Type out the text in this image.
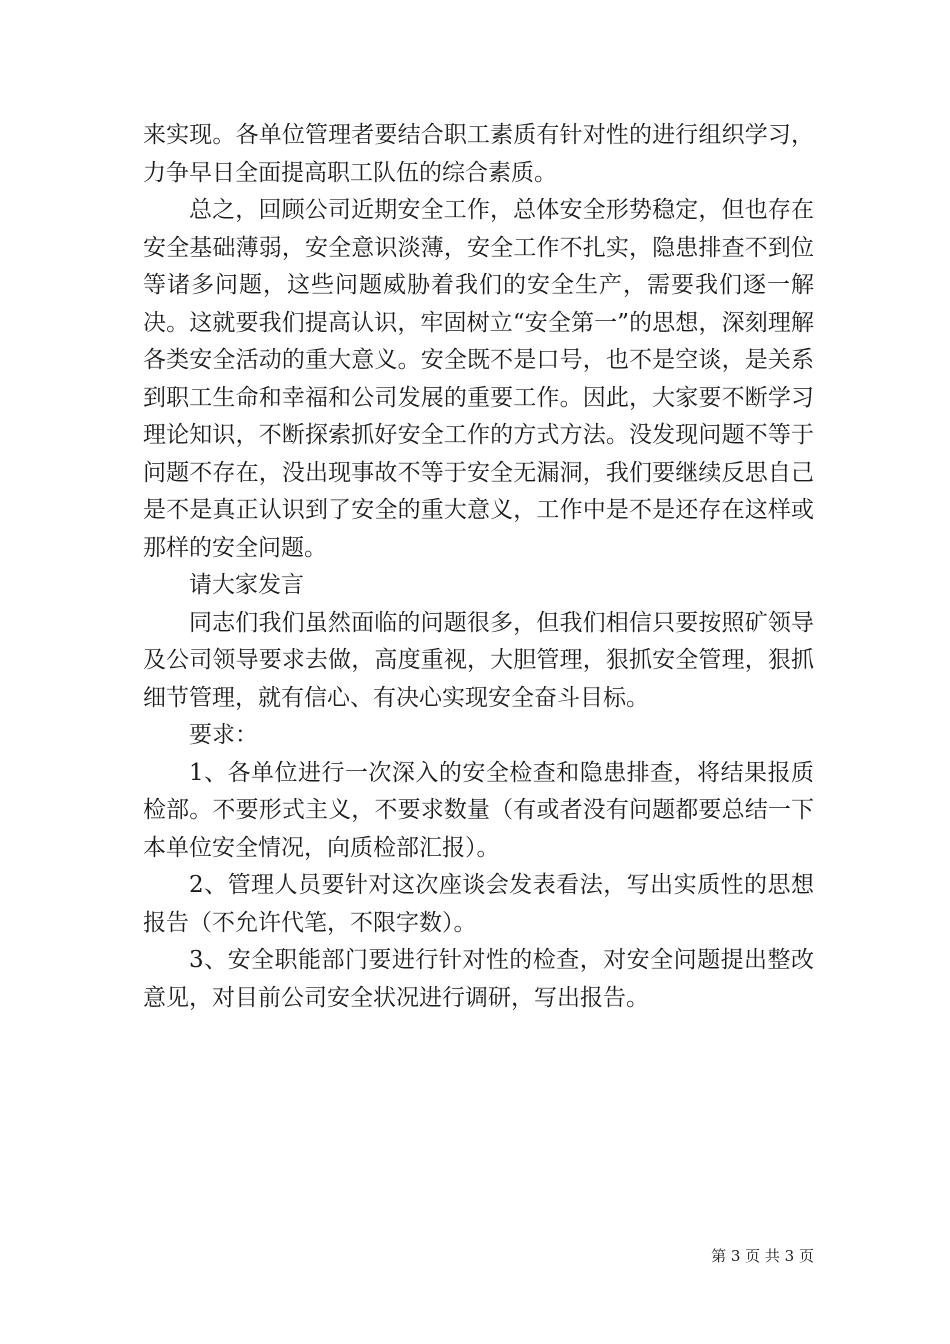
来实现。各单位管理者要结合职工素质有针对性的进行组织学习，力争早日全面提高职工队伍的综合素质。

总之，回顾公司近期安全工作，总体安全形势稳定，但也存在安全基础薄弱，安全意识淡薄，安全工作不扎实，隐患排查不到位等诸多问题，这些问题威胁着我们的安全生产，需要我们逐一解决。这就要我们提高认识，牢固树立“安全第一”的思想，深刻理解各类安全活动的重大意义。安全既不是口号，也不是空谈，是关系到职工生命和幸福和公司发展的重要工作。因此，大家要不断学习理论知识，不断探索抓好安全工作的方式方法。没发现问题不等于问题不存在，没出现事故不等于安全无漏洞，我们要继续反思自己是不是真正认识到了安全的重大意义，工作中是不是还存在这样或那样的安全问题。

请大家发言

同志们我们虽然面临的问题很多，但我们相信只要按照矿领导及公司领导要求去做，高度重视，大胆管理，狠抓安全管理，狠抓细节管理，就有信心、有决心实现安全奋斗目标。

要求：

1、各单位进行一次深入的安全检查和隐患排查，将结果报质检部。不要形式主义，不要求数量（有或者没有问题都要总结一下本单位安全情况，向质检部汇报）。

2、管理人员要针对这次座谈会发表看法，写出实质性的思想报告（不允许代笔，不限字数）。

3、安全职能部门要进行针对性的检查，对安全问题提出整改意见，对目前公司安全状况进行调研，写出报告。

第 3 页 共 3 页
